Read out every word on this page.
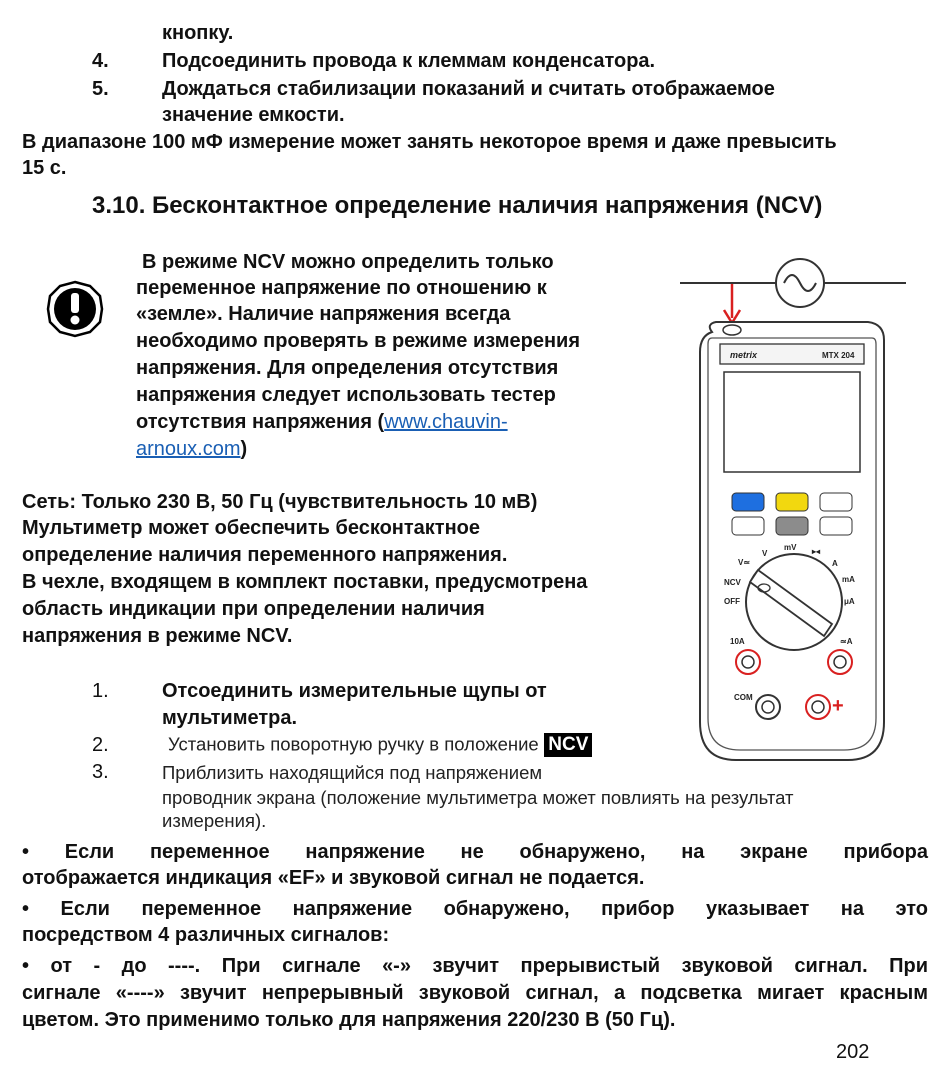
кнопку.
4.	Подсоединить провода к клеммам конденсатора.
5.	Дождаться стабилизации показаний и считать отображаемое
значение емкости.
В диапазоне 100 мФ измерение может занять некоторое время и даже превысить
15 с.
3.10. Бесконтактное определение наличия напряжения (NCV)
В режиме NCV можно определить только
переменное напряжение по отношению к
«земле». Наличие напряжения всегда
необходимо проверять в режиме измерения
напряжения. Для определения отсутствия
напряжения следует использовать тестер
отсутствия напряжения (www.chauvin-
arnoux.com)
Сеть: Только 230 В, 50 Гц (чувствительность 10 мВ)
Мультиметр может обеспечить бесконтактное
определение наличия переменного напряжения.
В чехле, входящем в комплект поставки, предусмотрена
область индикации при определении наличия
напряжения в режиме NCV.
1.	Отсоединить измерительные щупы от
мультиметра.
2.	Установить поворотную ручку в положение NCV
3.	Приблизить находящийся под напряжением
проводник экрана (положение мультиметра может повлиять на результат
измерения).
• Если переменное напряжение не обнаружено, на экране прибора
отображается индикация «EF» и звуковой сигнал не подается.
• Если переменное напряжение обнаружено, прибор указывает на это
посредством 4 различных сигналов:
• от - до ----. При сигнале «-» звучит прерывистый звуковой сигнал. При
сигнале «----» звучит непрерывный звуковой сигнал, а подсветка мигает красным
цветом. Это применимо только для напряжения 220/230 В (50 Гц).
202
metrix	MTX 204
V≃
V
mV ▸◂
A
NCV
OFF
mA
μA
10A	≃A
COM	+
